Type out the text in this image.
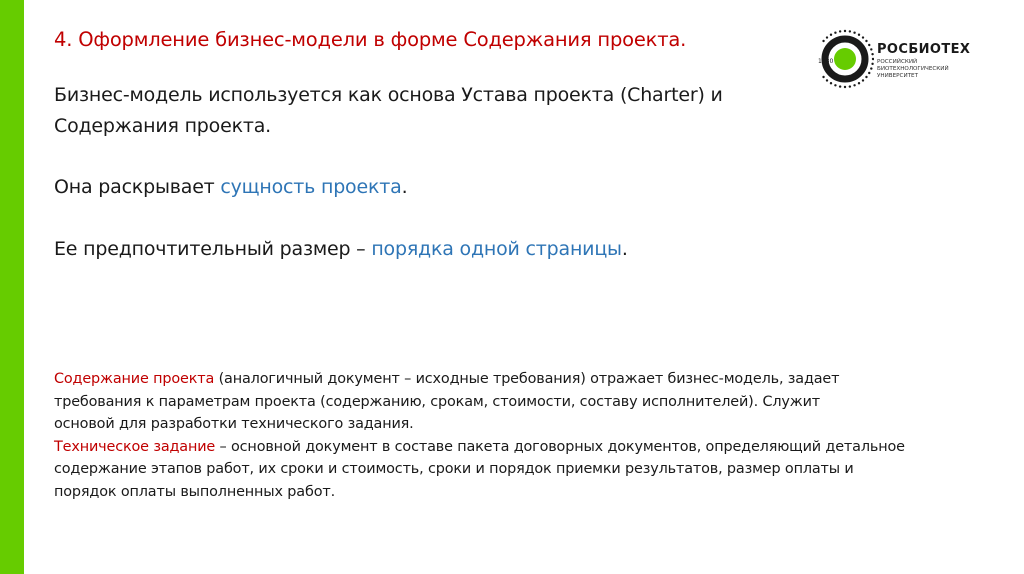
4. Оформление бизнес-модели в форме Содержания проекта.
1930
РОСБИОТЕХ
РОССИЙСКИЙ
БИОТЕХНОЛОГИЧЕСКИЙ
УНИВЕРСИТЕТ
Бизнес-модель используется как основа Устава проекта (Charter) и
Содержания проекта.
Она раскрывает сущность проекта.
Ее предпочтительный размер – порядка одной страницы.
Содержание проекта (аналогичный документ – исходные требования) отражает бизнес-модель, задает
требования к параметрам проекта (содержанию, срокам, стоимости, составу исполнителей). Служит
основой для разработки технического задания.
Техническое задание – основной документ в составе пакета договорных документов, определяющий детальное
содержание этапов работ, их сроки и стоимость, сроки и порядок приемки результатов, размер оплаты и
порядок оплаты выполненных работ.
